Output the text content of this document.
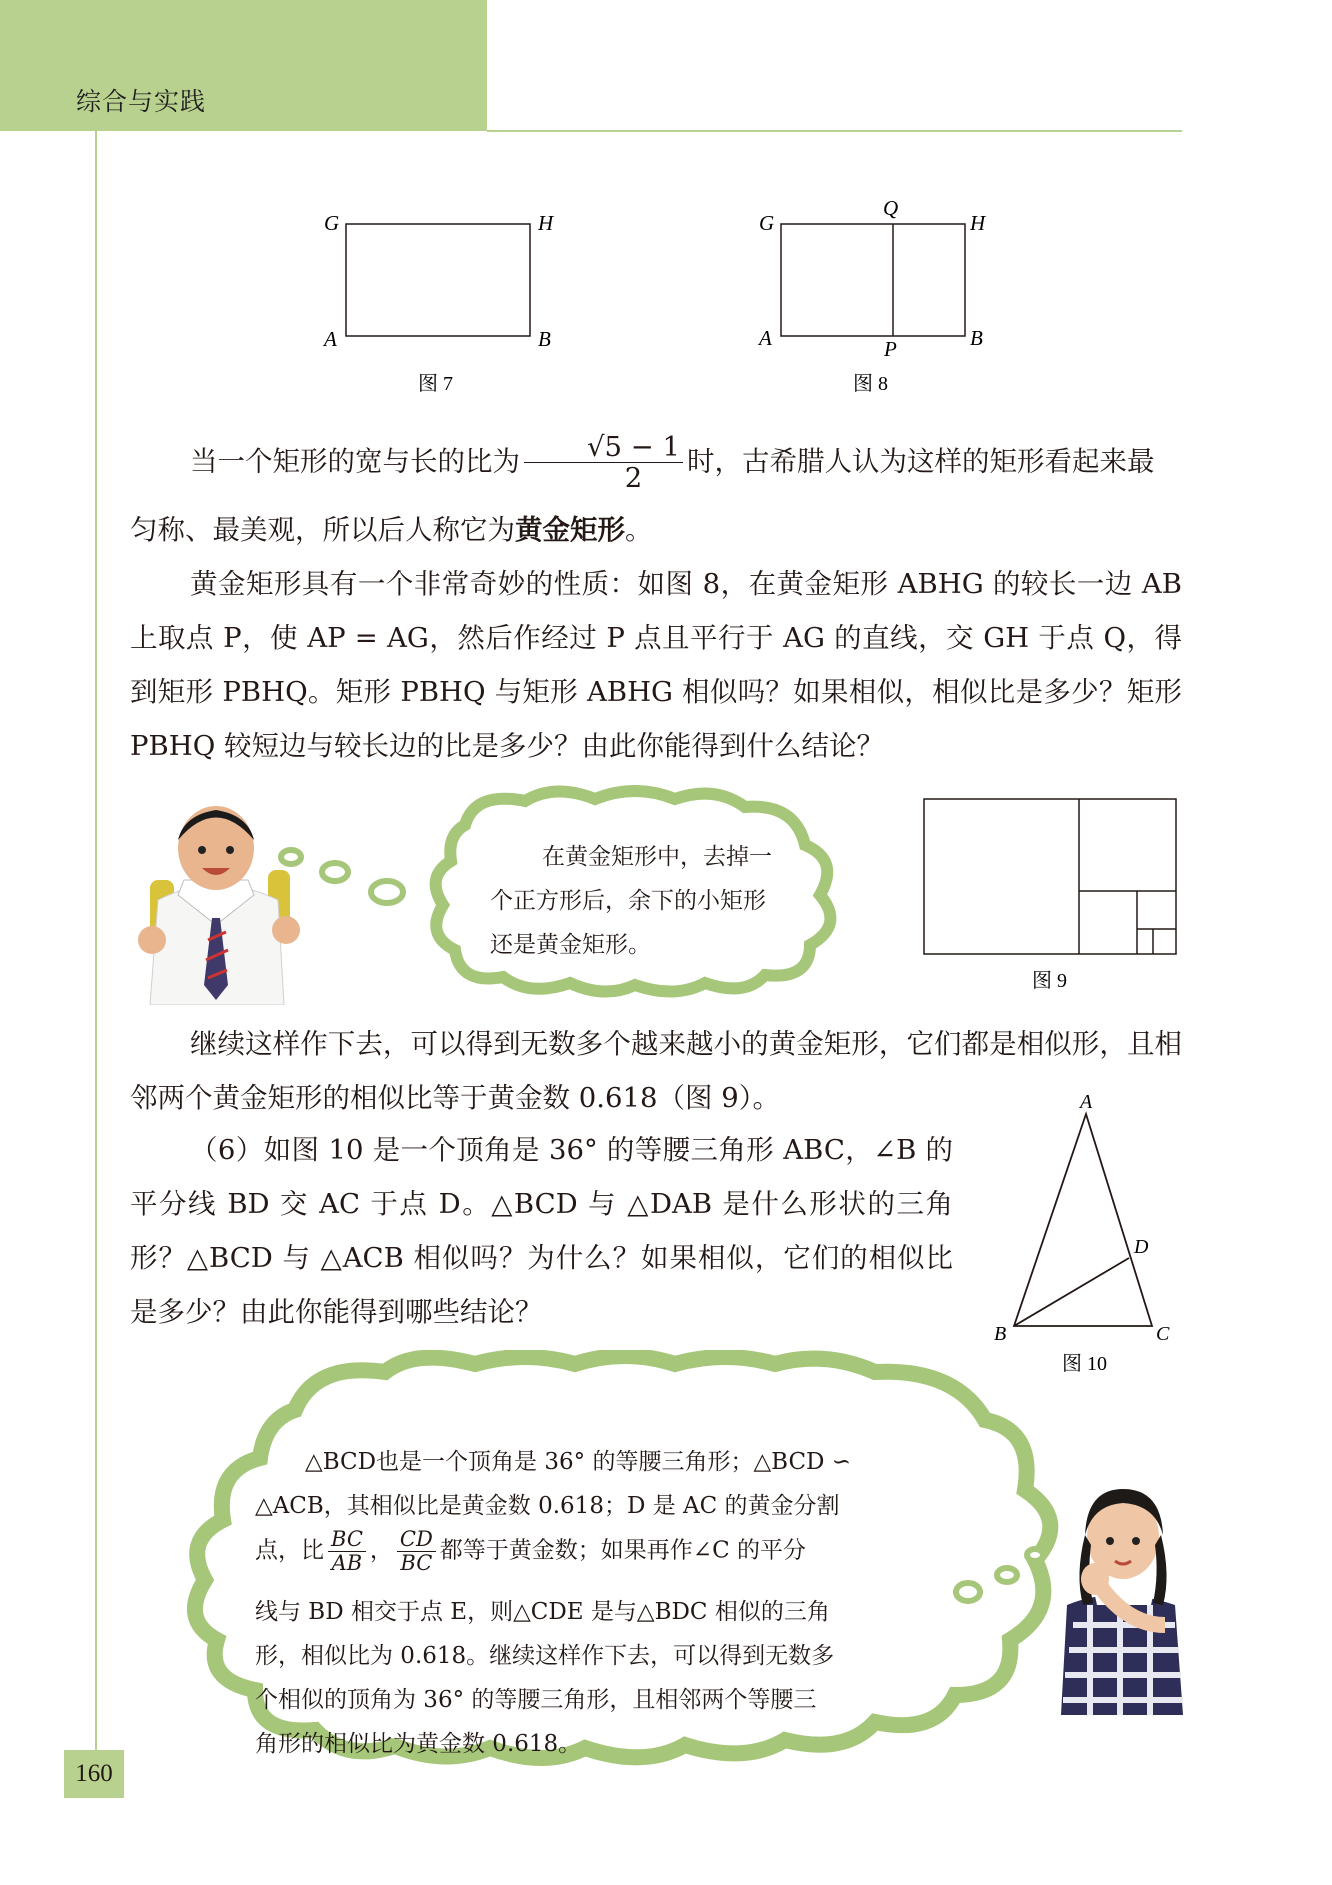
综合与实践
G	H
A	B
图 7
G
Q
H
A	P	B
图 8
当一个矩形的宽与长的比为 $\frac{√5 - 1}{2}$ 时，古希腊人认为这样的矩形看起来最
匀称、最美观，所以后人称它为黄金矩形。

黄金矩形具有一个非常奇妙的性质：如图 8，在黄金矩形 ABHG 的较长一边 AB 上取点 P，使 AP = AG，然后作经过 P 点且平行于 AG 的直线，交 GH 于点 Q，得到矩形 PBHQ。矩形 PBHQ 与矩形 ABHG 相似吗？如果相似，相似比是多少？矩形 PBHQ 较短边与较长边的比是多少？由此你能得到什么结论？

在黄金矩形中，去掉一
个正方形后，余下的小矩形
还是黄金矩形。
图 9

继续这样作下去，可以得到无数多个越来越小的黄金矩形，它们都是相似形，且相邻两个黄金矩形的相似比等于黄金数 0.618（图 9）。

（6）如图 10 是一个顶角是 36° 的等腰三角形 ABC，∠B 的平分线 BD 交 AC 于点 D。△BCD 与 △DAB 是什么形状的三角形？△BCD 与 △ACB 相似吗？为什么？如果相似，它们的相似比是多少？由此你能得到哪些结论？

A
D
B	C
图 10
△BCD也是一个顶角是 36° 的等腰三角形；△BCD ∽
△ACB，其相似比是黄金数 0.618；D 是 AC 的黄金分割
点，比 $\frac{BC}{AB}$ ， $\frac{CD}{BC}$ 都等于黄金数；如果再作∠C 的平分
线与 BD 相交于点 E，则△CDE 是与△BDC 相似的三角
形，相似比为 0.618。继续这样作下去，可以得到无数多
个相似的顶角为 36° 的等腰三角形，且相邻两个等腰三
角形的相似比为黄金数 0.618。
160
